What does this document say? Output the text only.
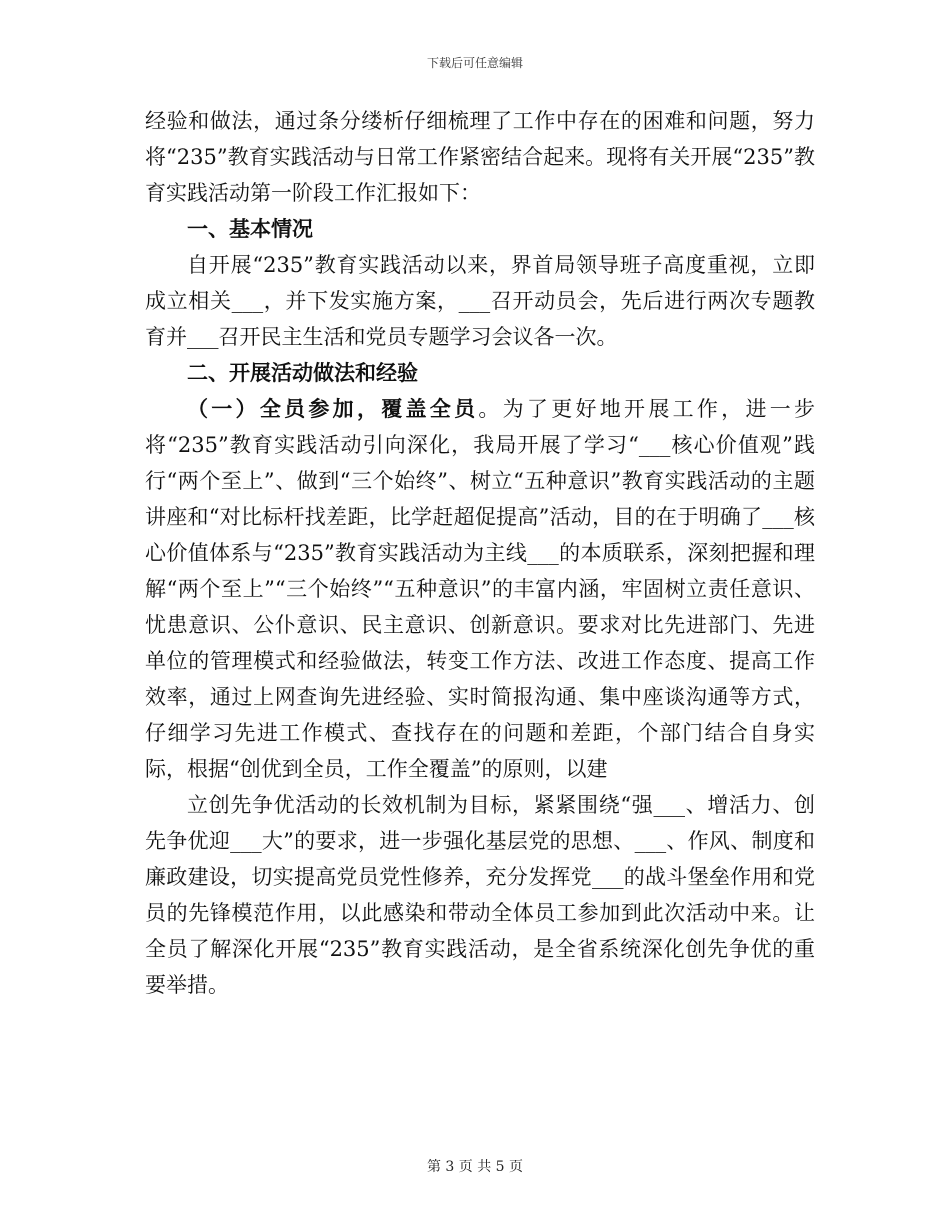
下载后可任意编辑

经验和做法，通过条分缕析仔细梳理了工作中存在的困难和问题，努力将“235”教育实践活动与日常工作紧密结合起来。现将有关开展“235”教育实践活动第一阶段工作汇报如下：

一、基本情况

自开展“235”教育实践活动以来，界首局领导班子高度重视，立即成立相关___，并下发实施方案，___召开动员会，先后进行两次专题教育并___召开民主生活和党员专题学习会议各一次。

二、开展活动做法和经验

（一）全员参加，覆盖全员。为了更好地开展工作，进一步将“235”教育实践活动引向深化，我局开展了学习“___核心价值观”践行“两个至上”、做到“三个始终”、树立“五种意识”教育实践活动的主题讲座和“对比标杆找差距，比学赶超促提高”活动，目的在于明确了___核心价值体系与“235”教育实践活动为主线___的本质联系，深刻把握和理解“两个至上”“三个始终”“五种意识”的丰富内涵，牢固树立责任意识、忧患意识、公仆意识、民主意识、创新意识。要求对比先进部门、先进单位的管理模式和经验做法，转变工作方法、改进工作态度、提高工作效率，通过上网查询先进经验、实时简报沟通、集中座谈沟通等方式，仔细学习先进工作模式、查找存在的问题和差距，个部门结合自身实际，根据“创优到全员，工作全覆盖”的原则，以建

立创先争优活动的长效机制为目标，紧紧围绕“强___、增活力、创先争优迎___大”的要求，进一步强化基层党的思想、___、作风、制度和廉政建设，切实提高党员党性修养，充分发挥党___的战斗堡垒作用和党员的先锋模范作用，以此感染和带动全体员工参加到此次活动中来。让全员了解深化开展“235”教育实践活动，是全省系统深化创先争优的重要举措。

第 3 页 共 5 页
